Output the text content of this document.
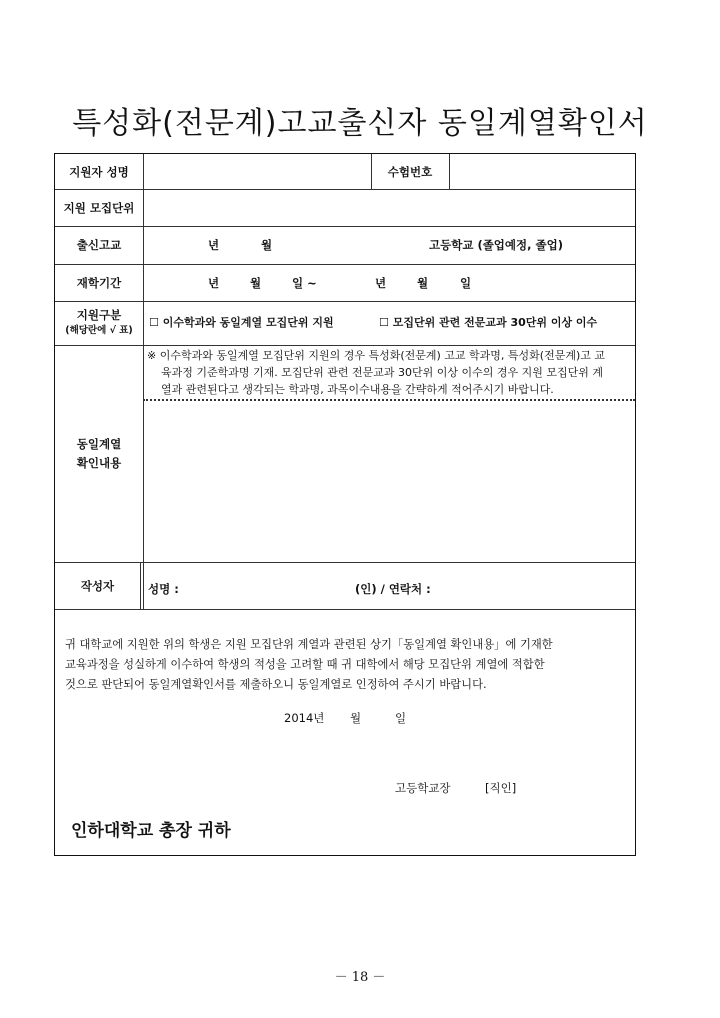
특성화(전문계)고교출신자 동일계열확인서
지원자 성명	수험번호
지원 모집단위
출신고교	년	월	고등학교 (졸업예정, 졸업)
재학기간	년	월	일 ~	년	월	일
지원구분
(해당란에 √ 표)
☐ 이수학과와 동일계열 모집단위 지원	☐ 모집단위 관련 전문교과 30단위 이상 이수
동일계열
확인내용
※ 이수학과와 동일계열 모집단위 지원의 경우 특성화(전문계) 고교 학과명, 특성화(전문계)고 교
육과정 기준학과명 기재. 모집단위 관련 전문교과 30단위 이상 이수의 경우 지원 모집단위 계
열과 관련된다고 생각되는 학과명, 과목이수내용을 간략하게 적어주시기 바랍니다.
작성자	성명 :	(인) / 연락처 :
귀 대학교에 지원한 위의 학생은 지원 모집단위 계열과 관련된 상기「동일계열 확인내용」에 기재한
교육과정을 성실하게 이수하여 학생의 적성을 고려할 때 귀 대학에서 해당 모집단위 계열에 적합한
것으로 판단되어 동일계열확인서를 제출하오니 동일계열로 인정하여 주시기 바랍니다.
2014년 월	일
고등학교장	[직인]
인하대학교 총장 귀하
－ 18 －
